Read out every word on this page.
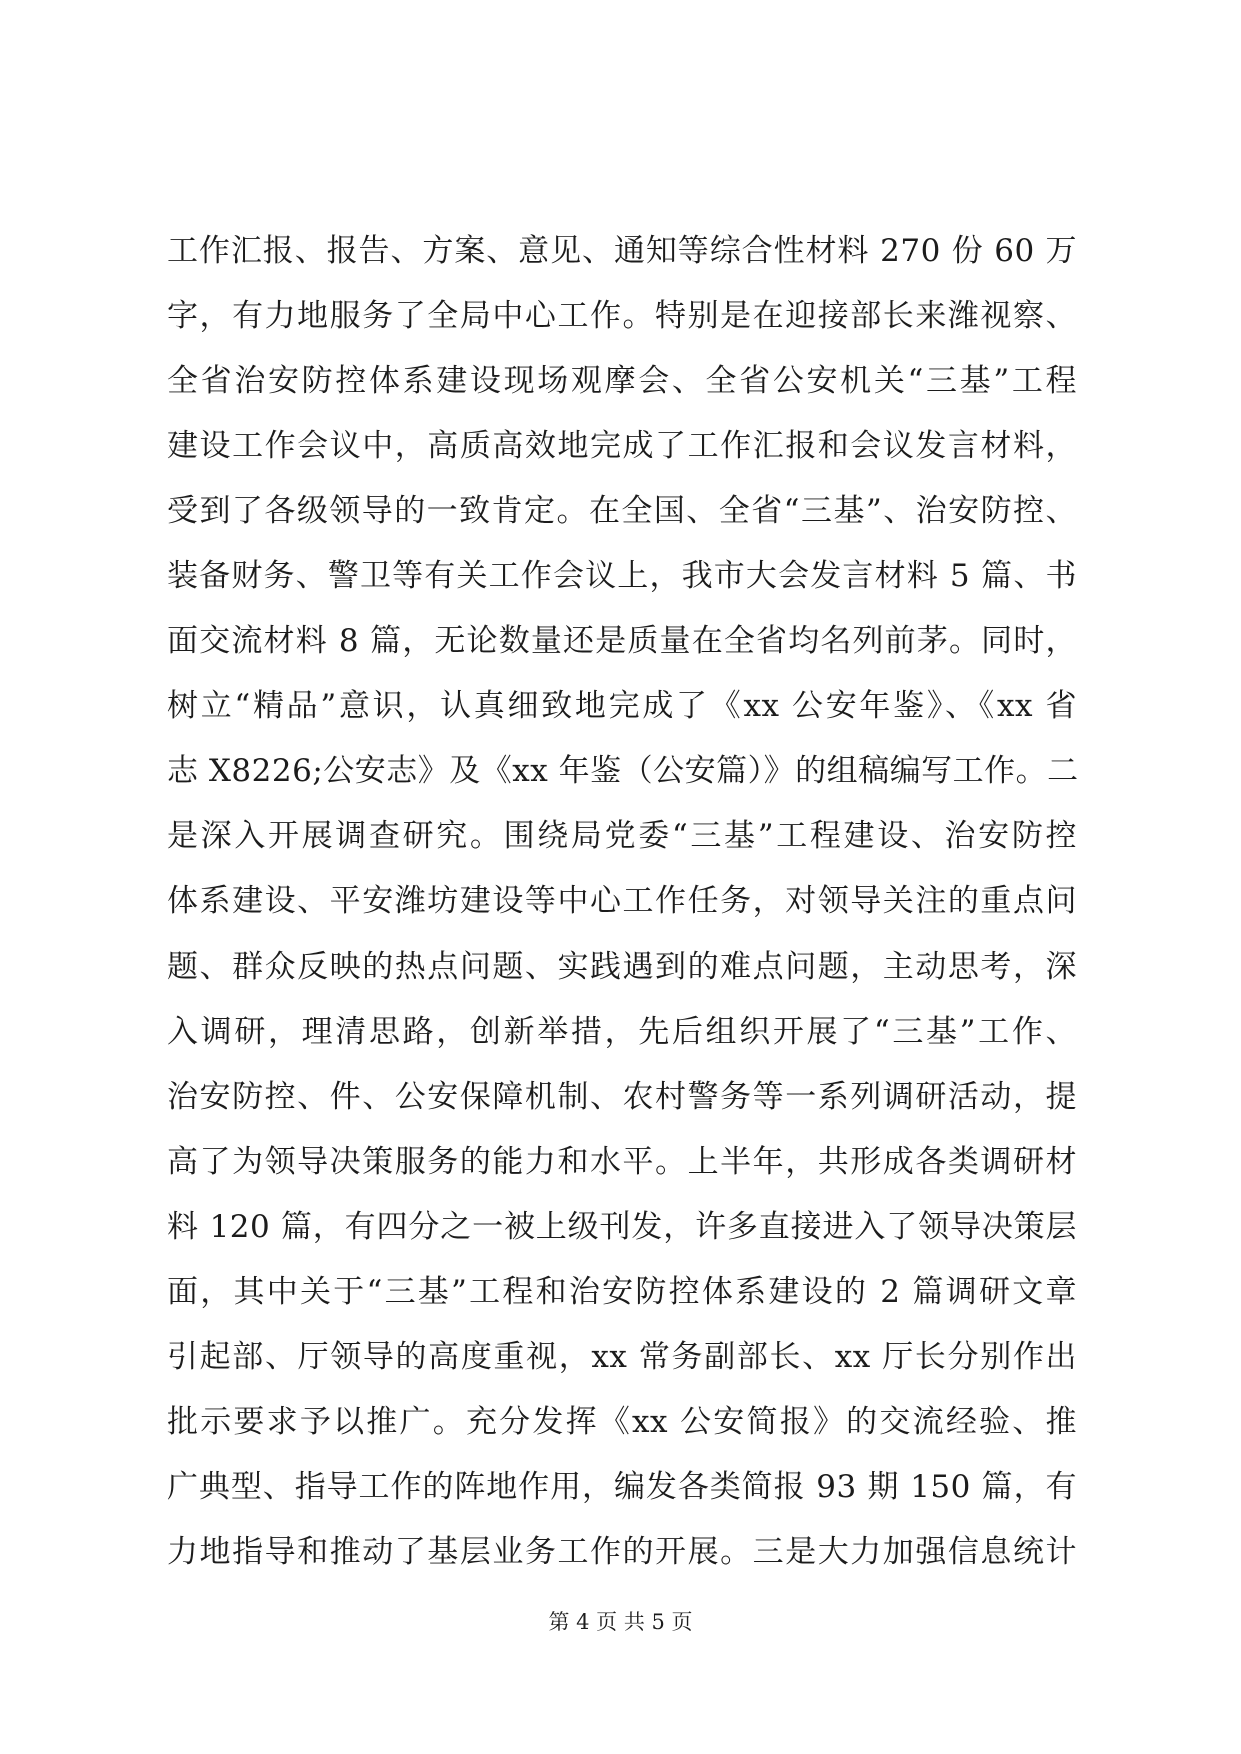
工作汇报、报告、方案、意见、通知等综合性材料 270 份 60 万
字，有力地服务了全局中心工作。特别是在迎接部长来潍视察、
全省治安防控体系建设现场观摩会、全省公安机关“三基”工程
建设工作会议中，高质高效地完成了工作汇报和会议发言材料，
受到了各级领导的一致肯定。在全国、全省“三基”、治安防控、
装备财务、警卫等有关工作会议上，我市大会发言材料 5 篇、书
面交流材料 8 篇，无论数量还是质量在全省均名列前茅。同时，
树立“精品”意识，认真细致地完成了《xx 公安年鉴》、《xx 省
志 X8226;公安志》及《xx 年鉴（公安篇）》的组稿编写工作。二
是深入开展调查研究。围绕局党委“三基”工程建设、治安防控
体系建设、平安潍坊建设等中心工作任务，对领导关注的重点问
题、群众反映的热点问题、实践遇到的难点问题，主动思考，深
入调研，理清思路，创新举措，先后组织开展了“三基”工作、
治安防控、件、公安保障机制、农村警务等一系列调研活动，提
高了为领导决策服务的能力和水平。上半年，共形成各类调研材
料 120 篇，有四分之一被上级刊发，许多直接进入了领导决策层
面，其中关于“三基”工程和治安防控体系建设的 2 篇调研文章
引起部、厅领导的高度重视，xx 常务副部长、xx 厅长分别作出
批示要求予以推广。充分发挥《xx 公安简报》的交流经验、推
广典型、指导工作的阵地作用，编发各类简报 93 期 150 篇，有
力地指导和推动了基层业务工作的开展。三是大力加强信息统计
第 4 页 共 5 页
